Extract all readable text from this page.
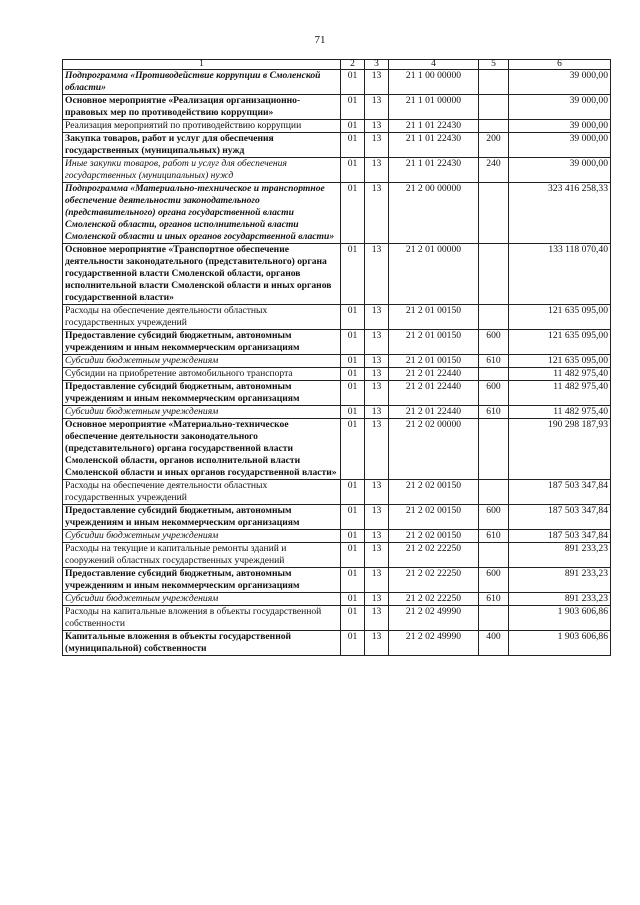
71
1	2	3	4	5	6
Подпрограмма «Противодействие коррупции в Смоленской области»	01	13	21 1 00 00000		39 000,00
Основное мероприятие «Реализация организационно-правовых мер по противодействию коррупции»	01	13	21 1 01 00000		39 000,00
Реализация мероприятий по противодействию коррупции	01	13	21 1 01 22430		39 000,00
Закупка товаров, работ и услуг для обеспечения государственных (муниципальных) нужд	01	13	21 1 01 22430	200	39 000,00
Иные закупки товаров, работ и услуг для обеспечения государственных (муниципальных) нужд	01	13	21 1 01 22430	240	39 000,00
Подпрограмма «Материально-техническое и транспортное обеспечение деятельности законодательного (представительного) органа государственной власти Смоленской области, органов исполнительной власти Смоленской области и иных органов государственной власти»	01	13	21 2 00 00000		323 416 258,33
Основное мероприятие «Транспортное обеспечение деятельности законодательного (представительного) органа государственной власти Смоленской области, органов исполнительной власти Смоленской области и иных органов государственной власти»	01	13	21 2 01 00000		133 118 070,40
Расходы на обеспечение деятельности областных государственных учреждений	01	13	21 2 01 00150		121 635 095,00
Предоставление субсидий бюджетным, автономным учреждениям и иным некоммерческим организациям	01	13	21 2 01 00150	600	121 635 095,00
Субсидии бюджетным учреждениям	01	13	21 2 01 00150	610	121 635 095,00
Субсидии на приобретение автомобильного транспорта	01	13	21 2 01 22440		11 482 975,40
Предоставление субсидий бюджетным, автономным учреждениям и иным некоммерческим организациям	01	13	21 2 01 22440	600	11 482 975,40
Субсидии бюджетным учреждениям	01	13	21 2 01 22440	610	11 482 975,40
Основное мероприятие «Материально-техническое обеспечение деятельности законодательного (представительного) органа государственной власти Смоленской области, органов исполнительной власти Смоленской области и иных органов государственной власти»	01	13	21 2 02 00000		190 298 187,93
Расходы на обеспечение деятельности областных государственных учреждений	01	13	21 2 02 00150		187 503 347,84
Предоставление субсидий бюджетным, автономным учреждениям и иным некоммерческим организациям	01	13	21 2 02 00150	600	187 503 347,84
Субсидии бюджетным учреждениям	01	13	21 2 02 00150	610	187 503 347,84
Расходы на текущие и капитальные ремонты зданий и сооружений областных государственных учреждений	01	13	21 2 02 22250		891 233,23
Предоставление субсидий бюджетным, автономным учреждениям и иным некоммерческим организациям	01	13	21 2 02 22250	600	891 233,23
Субсидии бюджетным учреждениям	01	13	21 2 02 22250	610	891 233,23
Расходы на капитальные вложения в объекты государственной собственности	01	13	21 2 02 49990		1 903 606,86
Капитальные вложения в объекты государственной (муниципальной) собственности	01	13	21 2 02 49990	400	1 903 606,86
